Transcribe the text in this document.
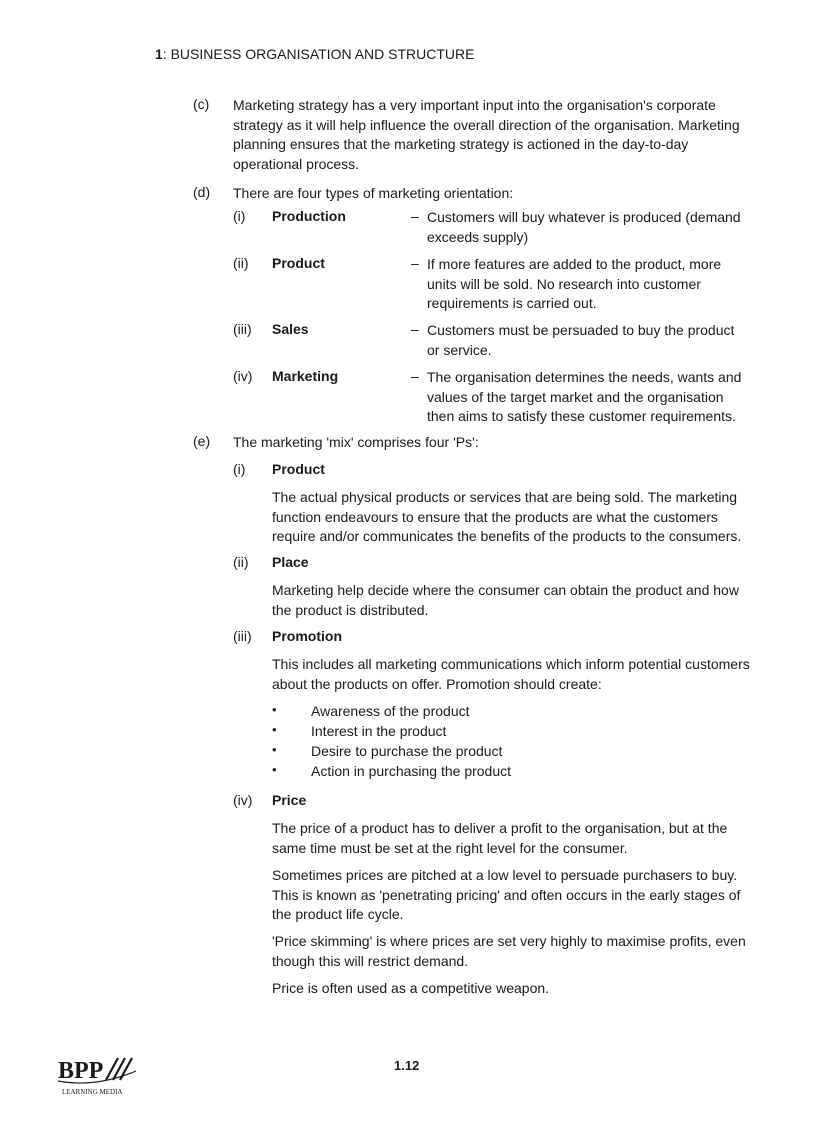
1: BUSINESS ORGANISATION AND STRUCTURE
(c) Marketing strategy has a very important input into the organisation's corporate strategy as it will help influence the overall direction of the organisation. Marketing planning ensures that the marketing strategy is actioned in the day-to-day operational process.

(d) There are four types of marketing orientation:

(i) Production	– Customers will buy whatever is produced (demand exceeds supply)

(ii) Product	– If more features are added to the product, more units will be sold. No research into customer requirements is carried out.

(iii) Sales	– Customers must be persuaded to buy the product or service.

(iv) Marketing	– The organisation determines the needs, wants and values of the target market and the organisation then aims to satisfy these customer requirements.

(e) The marketing 'mix' comprises four 'Ps':

(i) Product

The actual physical products or services that are being sold. The marketing function endeavours to ensure that the products are what the customers require and/or communicates the benefits of the products to the consumers.

(ii) Place

Marketing help decide where the consumer can obtain the product and how the product is distributed.

(iii) Promotion

This includes all marketing communications which inform potential customers about the products on offer. Promotion should create:

• Awareness of the product
• Interest in the product
• Desire to purchase the product
• Action in purchasing the product
(iv) Price

The price of a product has to deliver a profit to the organisation, but at the same time must be set at the right level for the consumer.

Sometimes prices are pitched at a low level to persuade purchasers to buy. This is known as 'penetrating pricing' and often occurs in the early stages of the product life cycle.

'Price skimming' is where prices are set very highly to maximise profits, even though this will restrict demand.

Price is often used as a competitive weapon.

BPP
LEARNING MEDIA
1.12
